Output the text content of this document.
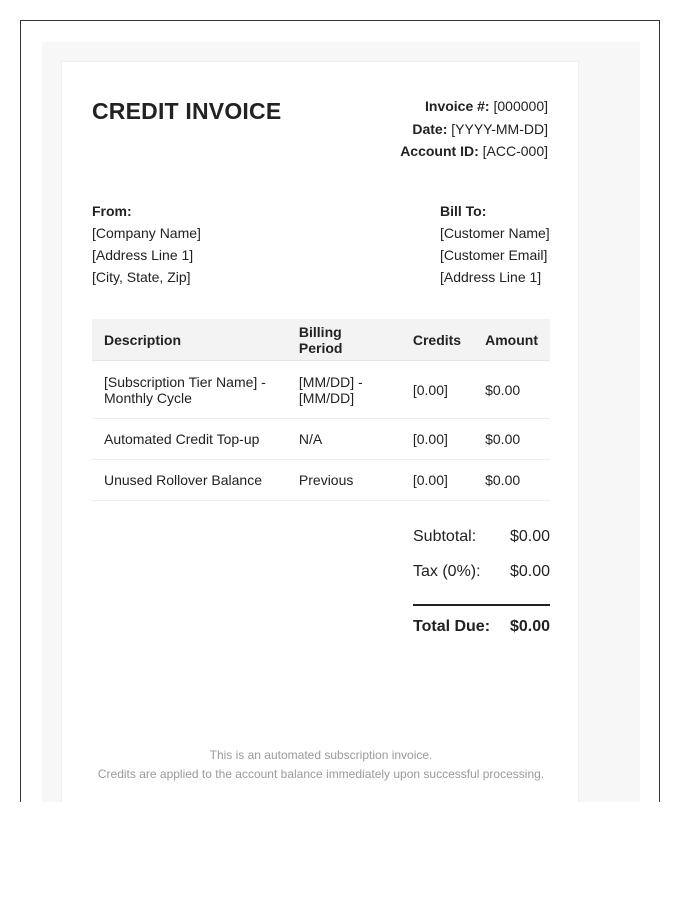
CREDIT INVOICE	Invoice #: [000000]
Date: [YYYY-MM-DD]
Account ID: [ACC-000]
From:
[Company Name]
[Address Line 1]
[City, State, Zip]
Bill To:
[Customer Name]
[Customer Email]
[Address Line 1]
Description	Billing Period	Credits	Amount
[Subscription Tier Name] - Monthly Cycle	[MM/DD] - [MM/DD]	[0.00]	$0.00
Automated Credit Top-up	N/A	[0.00]	$0.00
Unused Rollover Balance	Previous	[0.00]	$0.00
Subtotal: $0.00
Tax (0%): $0.00
Total Due: $0.00
This is an automated subscription invoice.
Credits are applied to the account balance immediately upon successful processing.
